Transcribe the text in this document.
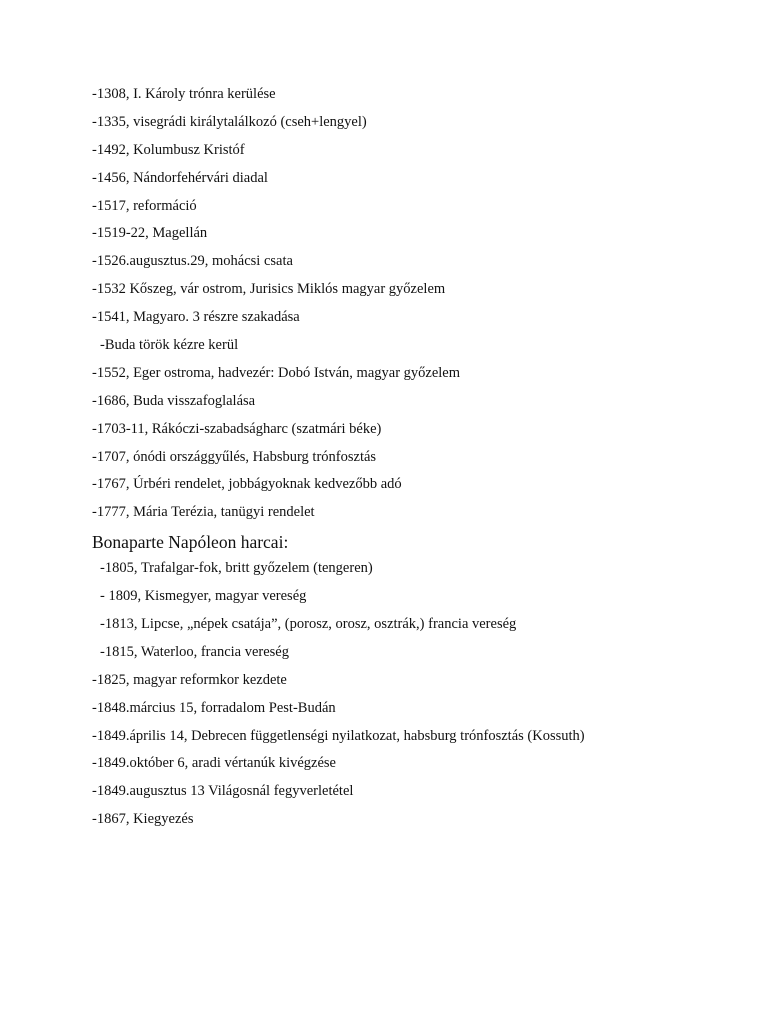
-1308, I. Károly trónra kerülése
-1335, visegrádi királytalálkozó (cseh+lengyel)
-1492, Kolumbusz Kristóf
-1456, Nándorfehérvári diadal
-1517, reformáció
-1519-22, Magellán
-1526.augusztus.29, mohácsi csata
-1532 Kőszeg, vár ostrom, Jurisics Miklós magyar győzelem
-1541, Magyaro. 3 részre szakadása
-Buda török kézre kerül
-1552, Eger ostroma, hadvezér: Dobó István, magyar győzelem
-1686, Buda visszafoglalása
-1703-11, Rákóczi-szabadságharc (szatmári béke)
-1707, ónódi országgyűlés, Habsburg trónfosztás
-1767, Úrbéri rendelet, jobbágyoknak kedvezőbb adó
-1777, Mária Terézia, tanügyi rendelet
Bonaparte Napóleon harcai:
-1805, Trafalgar-fok, britt győzelem (tengeren)
- 1809, Kismegyer, magyar vereség
-1813, Lipcse, „népek csatája”, (porosz, orosz, osztrák,) francia vereség
-1815, Waterloo, francia vereség
-1825, magyar reformkor kezdete
-1848.március 15, forradalom Pest-Budán
-1849.április 14, Debrecen függetlenségi nyilatkozat, habsburg trónfosztás (Kossuth)
-1849.október 6, aradi vértanúk kivégzése
-1849.augusztus 13 Világosnál fegyverletétel
-1867, Kiegyezés
